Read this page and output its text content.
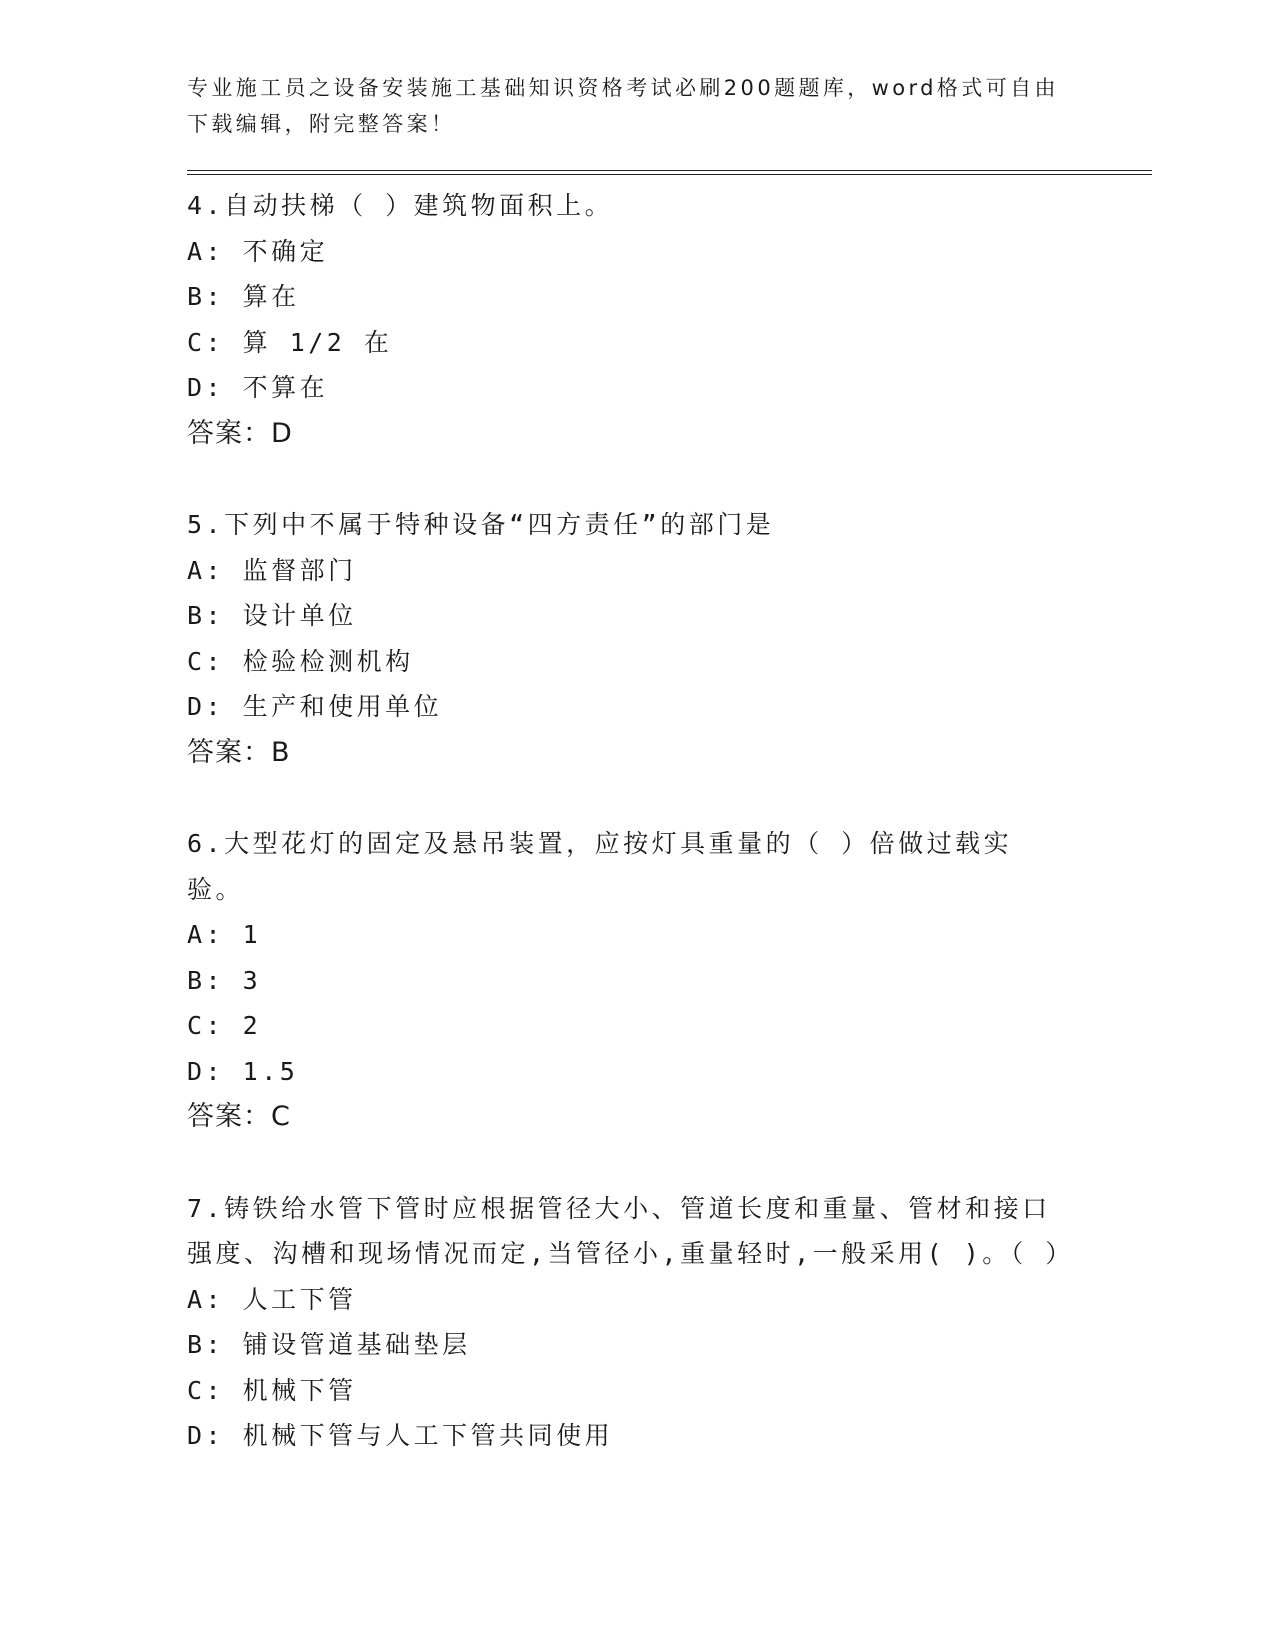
专业施工员之设备安装施工基础知识资格考试必刷200题题库，word格式可自由
下载编辑，附完整答案！
4.自动扶梯（ ）建筑物面积上。
A: 不确定
B: 算在
C: 算 1/2 在
D: 不算在
答案：D
5.下列中不属于特种设备“四方责任”的部门是
A: 监督部门
B: 设计单位
C: 检验检测机构
D: 生产和使用单位
答案：B
6.大型花灯的固定及悬吊装置，应按灯具重量的（ ）倍做过载实验。
A: 1
B: 3
C: 2
D: 1.5
答案：C
7.铸铁给水管下管时应根据管径大小、管道长度和重量、管材和接口强度、沟槽和现场情况而定,当管径小,重量轻时,一般采用( )。（ ）
A: 人工下管
B: 铺设管道基础垫层
C: 机械下管
D: 机械下管与人工下管共同使用
